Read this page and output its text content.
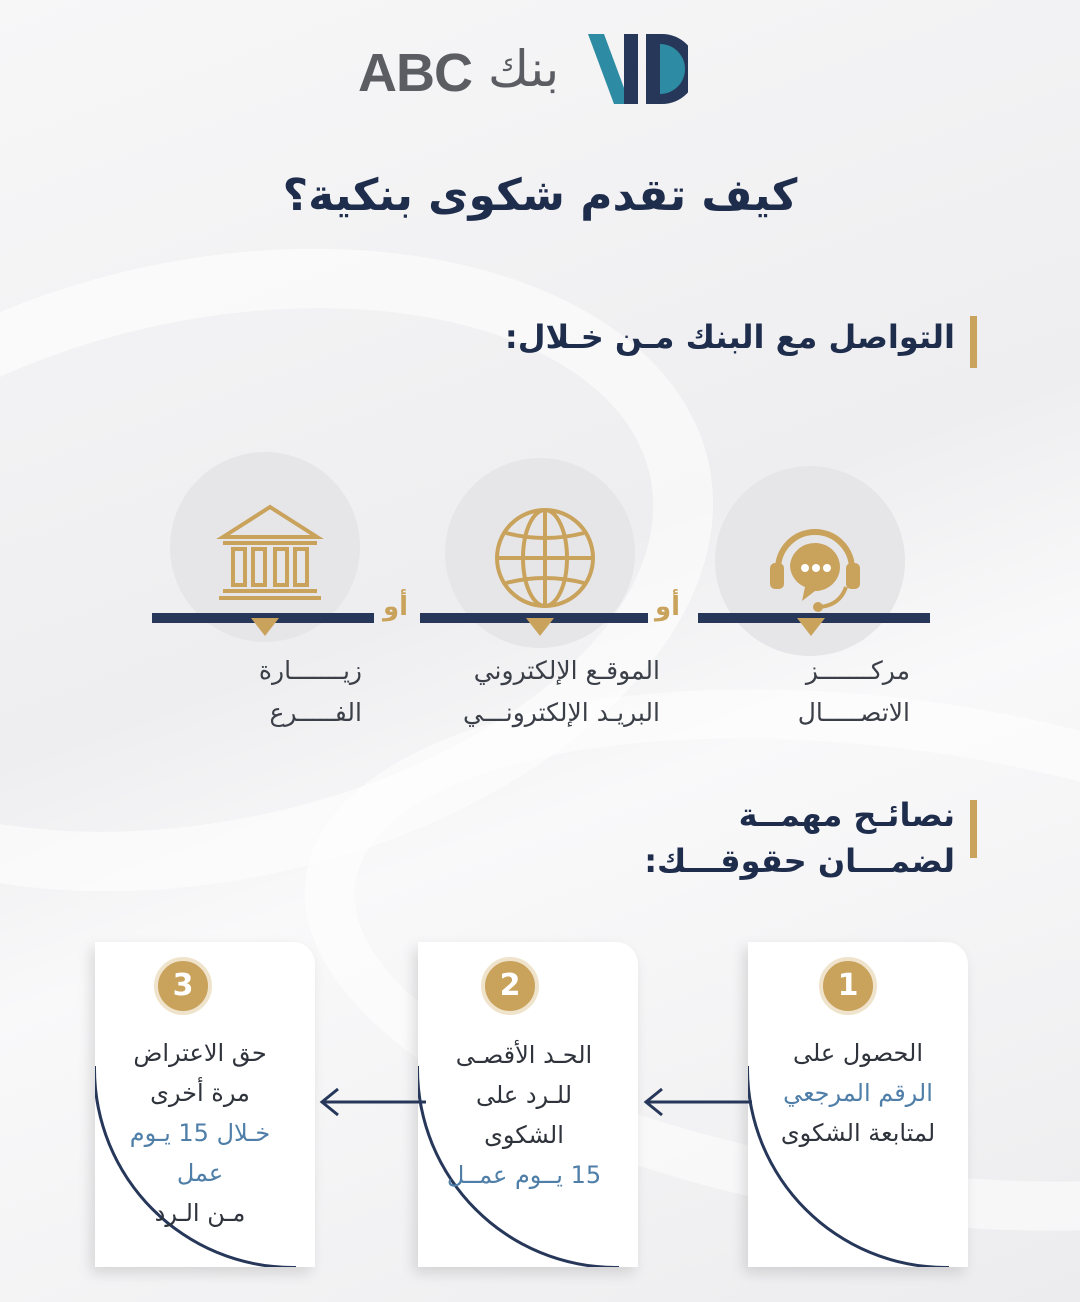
ABC بنك
كيف تقدم شكوى بنكية؟
التواصل مع البنك مـن خـلال:
أو	أو
مركـــــــز
الاتصـــــال
الموقـع الإلكتروني
البريـد الإلكترونـــي
زيـــــــارة
الفـــــرع
نصائـح مهمــة
لضمـــان حقوقـــك:
1
2
3
الحصول على
الرقم المرجعي
لمتابعة الشكوى
الحـد الأقصـى
للـرد على
الشكوى
15 يــوم عمــل
حق الاعتراض
مرة أخرى
خـلال 15 يـوم
عمل
مـن الـرد
